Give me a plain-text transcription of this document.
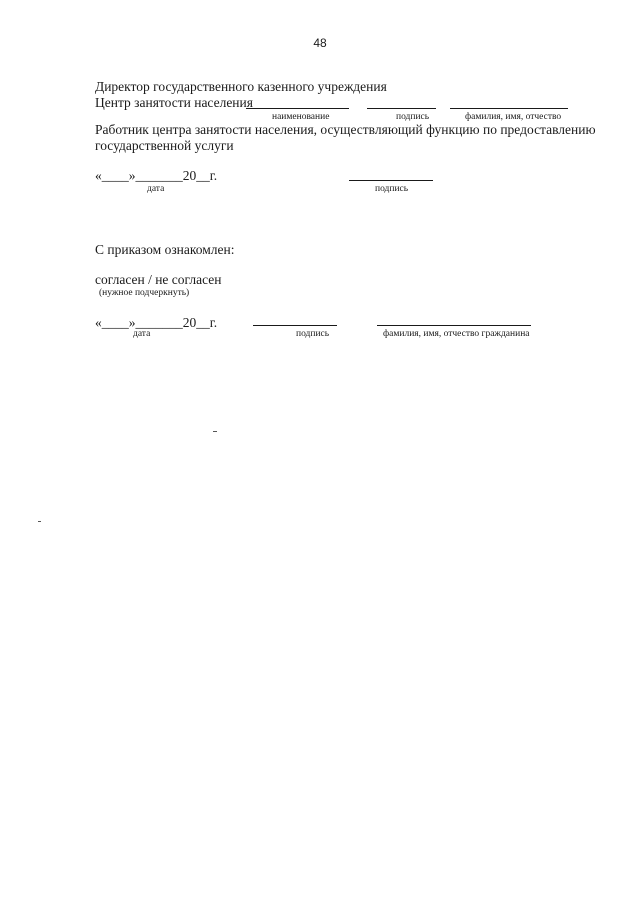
48
Директор государственного казенного учреждения
Центр занятости населения
наименование	подпись	фамилия, имя, отчество
Работник центра занятости населения, осуществляющий функцию по предоставлению
государственной услуги
«____»_______20__г.
дата	подпись
С приказом ознакомлен:
согласен / не согласен
(нужное подчеркнуть)
«____»_______20__г.
дата	подпись	фамилия, имя, отчество гражданина
